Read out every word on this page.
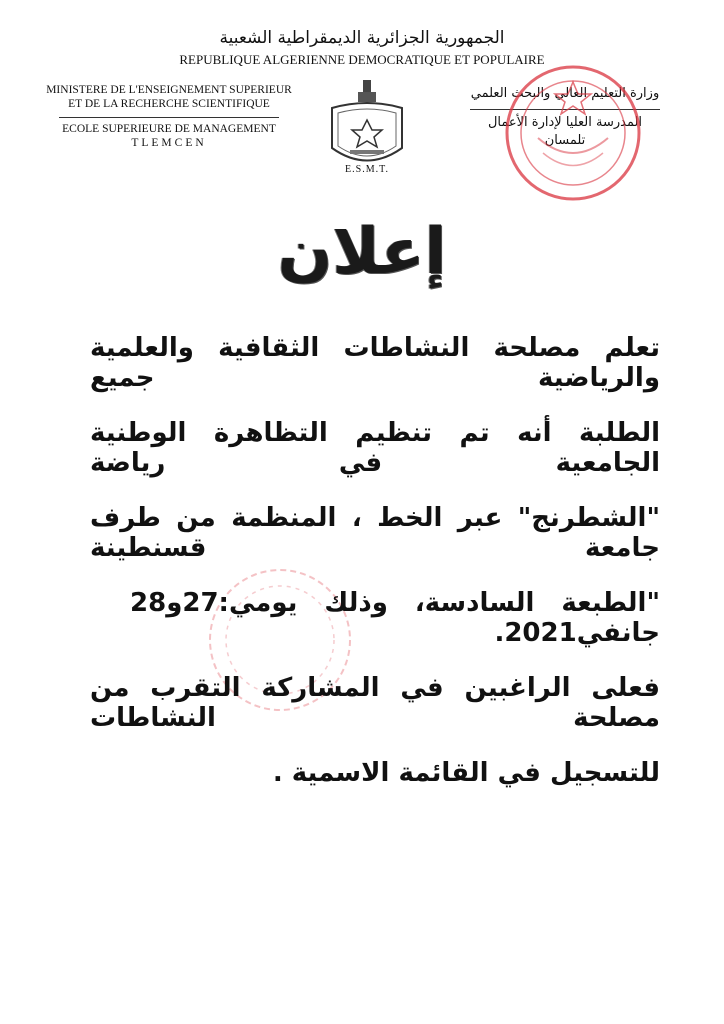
الجمهورية الجزائرية الديمقراطية الشعبية
REPUBLIQUE ALGERIENNE DEMOCRATIQUE ET POPULAIRE
MINISTERE DE L'ENSEIGNEMENT SUPERIEUR
ET DE LA RECHERCHE SCIENTIFIQUE
ECOLE SUPERIEURE DE MANAGEMENT
TLEMCEN
وزارة التعليم العالي والبحث العلمي
المدرسة العليا لإدارة الأعمال
تلمسان
E.S.M.T.
إعلان
تعلم مصلحة النشاطات الثقافية والعلمية والرياضية جميع
الطلبة أنه تم تنظيم التظاهرة الوطنية الجامعية في رياضة
"الشطرنج" عبر الخط ، المنظمة من طرف جامعة قسنطينة
"الطبعة السادسة، وذلك يومي:27و28 جانفي2021.
فعلى الراغبين في المشاركة التقرب من مصلحة النشاطات
للتسجيل في القائمة الاسمية .
